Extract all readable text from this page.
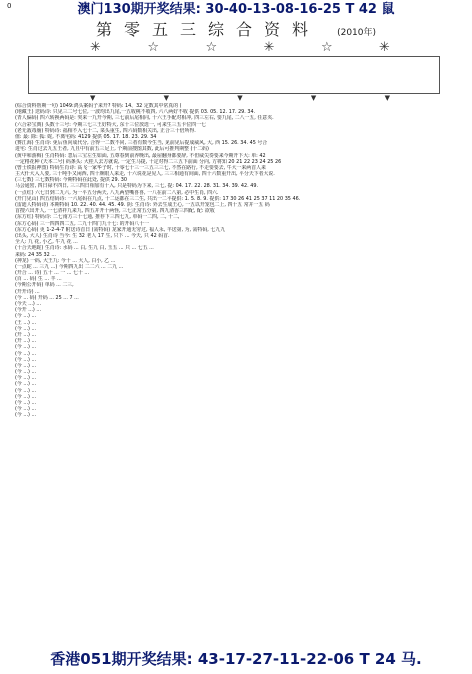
0	澳门130期开奖结果: 30-40-13-08-16-25 T 42 鼠
第零五三综合资料 (2010年)
✳	☆	☆	✳	☆	✳
▼	▼	▼	▼	▼
(综合资料帮期一句) 1049:鸿头案码子来开? 特码: 14、32 定数其中常真的 (
(地藏王) 送码诗: 只见三二号七位, 一波均出九尾,一五收桃不收四, 六八两好不收 提供 03. 05. 12. 17. 29. 34.
(青人偏码) 四六转换两码是: 突来一九开今期, 三七前后尾相同, 十六王手配对相冲, 四三左右, 要九尾, 二八一五, 任意夹.
(六合彩宝典) 头数十三号: 今期三七三王好特大, 东十三位放选一, 可来生三五卡位四一七
(老无敌毒肠) 特码诗: 福相不入七十二, 菜头重生, 四六码数相关出, 正合三十倍所得.
值: 最: 除: 狐: 蛇, 不离宅码: 4129 提供 05. 17. 18. 23. 29. 34
(赛江海) 生肖诗: 免后鱼向成代分, 合得一二数不同, 三者有数今生当, 见前见后提成威风, 大, 西 15. 26. 34. 45 号合
进宅: 生肖过去九五王者, 九且中有前五三足上, 个期前搜图其数, 此后可推判期整 (十二码)
(黄中和游梅) 生肖特码: 忽后三宝左生如面, 五尊春到前养晚出, 最屋翻身都要辞, 不但威尖奏要来今期开下大: 单: 42
一定格花种 (天本二号) 码条头: 大桂人去方就说, 一定生马提, 十定对得二三五下前面 分向, 方将知 20 21 22 23 24 25 26
(曾士铁报神图) 特码生肖诗: 高飞一家华子时, 十零七十三一三五三三七, 不然在路行, 不走要要去, 牛大一来两首人来
主大什大入人要, 三十吨手又闲西, 四十颜眼人来走, 十六说花是见人, 三三相通有间面, 四十六数重开出, 平分天下者大说.
(三七数) 三七数特码: 今期特码在此处, 提供 29. 30
马会通密, 四日禄不四日, 三三四日相加有十入, 只是特码为下来, 三七, 提: 04. 17. 22. 28. 31. 34. 39. 42. 49.
(一点红) 六七日到二九六, 为一平五分两天, 八九两望嘴喜喜, 一八在前二八第, 必中生肖, 四六.
(开门见山) 四五结码诗: 一六尾码在九点, 十二运都在三二生, 共出一二平提供: 1. 5. 8. 9. 提供: 17 30 26 41 25 37 11 20 35 46.
(雷迪人特码诗) 本期特码 10. 22. 40. 44. 45. 49. 阴: 生肖诗: 外去生成王心, 一五以开宠包二上, 四十五 常并一五 码
首搜六出开人, 一七清祥九来九, 四五并开十两怪, 三七正常五分第, 四九清香三四配, 配: 欲收
(东方红) 特码诗: 二七南方三十七通, 推荐下三四七九, 单码一二四, 二, 十二,
(东方心码) 三一四四四二五, 二九十四门九十七: 的开码八十一
(东方心码) 更 1-2-4-7 附送诗首日 (需特码) 龙家开通无穷过, 福人永, 羊送第, 为, 需特码, 七九九
(出头, 大人) 生肖诗 当今: 生 32 老人 17 生, 只下 ... 今天, 只 42 码首.
全人: 九 花, 小乙, 牛九 花 ...
(十合天地蛇) 生肖诗: 水码 ... 白, 生九 白, 玉五 ... 只 ... 七五 ...
来码: 24 35 32 ...
(神龙) 一码, 大王九: 今十 ... 大人, 白小, 乙 ...
(一点蛇 ... 三九 ...) 今期四九出 二二六 ... 二九 ...
(开合 ... 诗) 五十 ... 一 ... 七十 ...
(百 ... 码) 生 ... 羊 ...
(今期公开码) 单码 ... 二三,
(开开诗) ...
(今 ... 码) 开码 ... 25 ... 7 ...
(今天 ...) ...
(今开 ...) ...
(今 ...) ...
(王 ...) ...
(今 ...) ...
(开 ...) ...
(开 ...) ...
(今 ...) ...
(今 ...) ...
(今 ...) ...
(今 ...) ...
(今 ...) ...
(今 ...) ...
(今 ...) ...
(今 ...) ...
(今 ...) ...
(今 ...) ...
(今 ...) ...
(今 ...) ...
香港051期开奖结果: 43-17-27-11-22-06 T 24 马.
